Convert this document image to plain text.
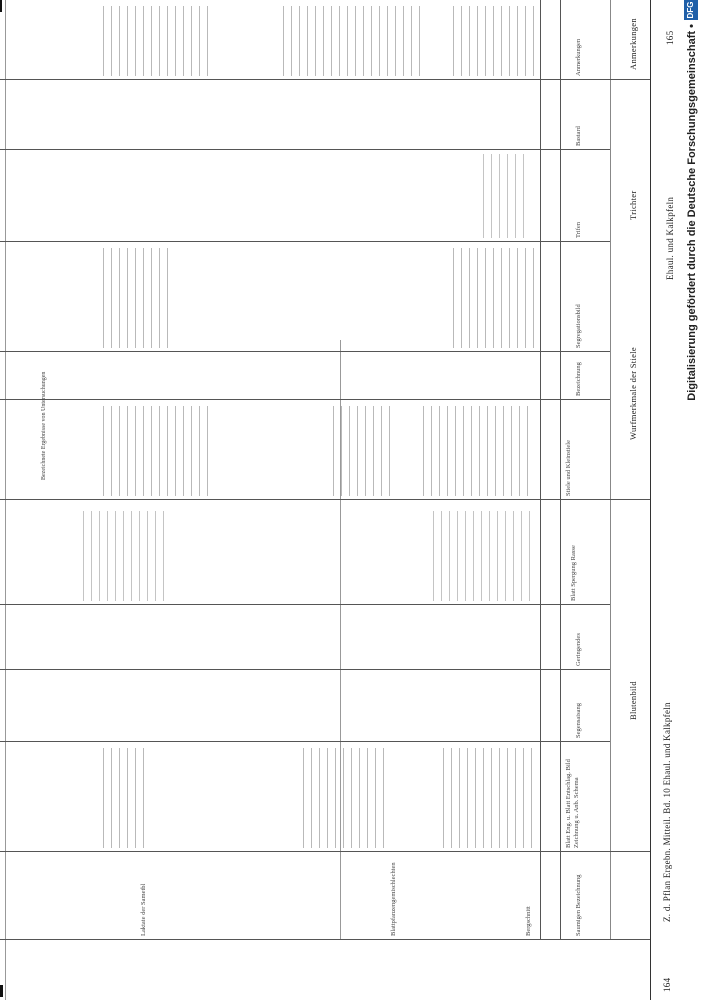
164
Z. d. Pflan Ergebn. Mitteil. Bd. 10 Ehaul. und Kalkpfeln
Ehaul. und Kalkpfeln
165
Blutenbild
Wurfmerkmale der Stiele
Trichter
Anmerkungen
Saumigen Bezeichnung
Blatt Eng. u. Blatt Entschlag. Bild Zeichnung u. Anb. Schema
Segensaisang
Geringendes
Blatt Spergung Rasse
Stiele und Kleinstiele
Bezeichnung
Segregationsbild
Trifen
Bastard
Anmerkungen
Bergschnitt
Blattpfanzengemischlechten
Laktate der Sametbl
Bezeichnete Ergebnisse von Untersuchungen
Digitalisierung gefördert durch die Deutsche Forschungsgemeinschaft •
DFG
